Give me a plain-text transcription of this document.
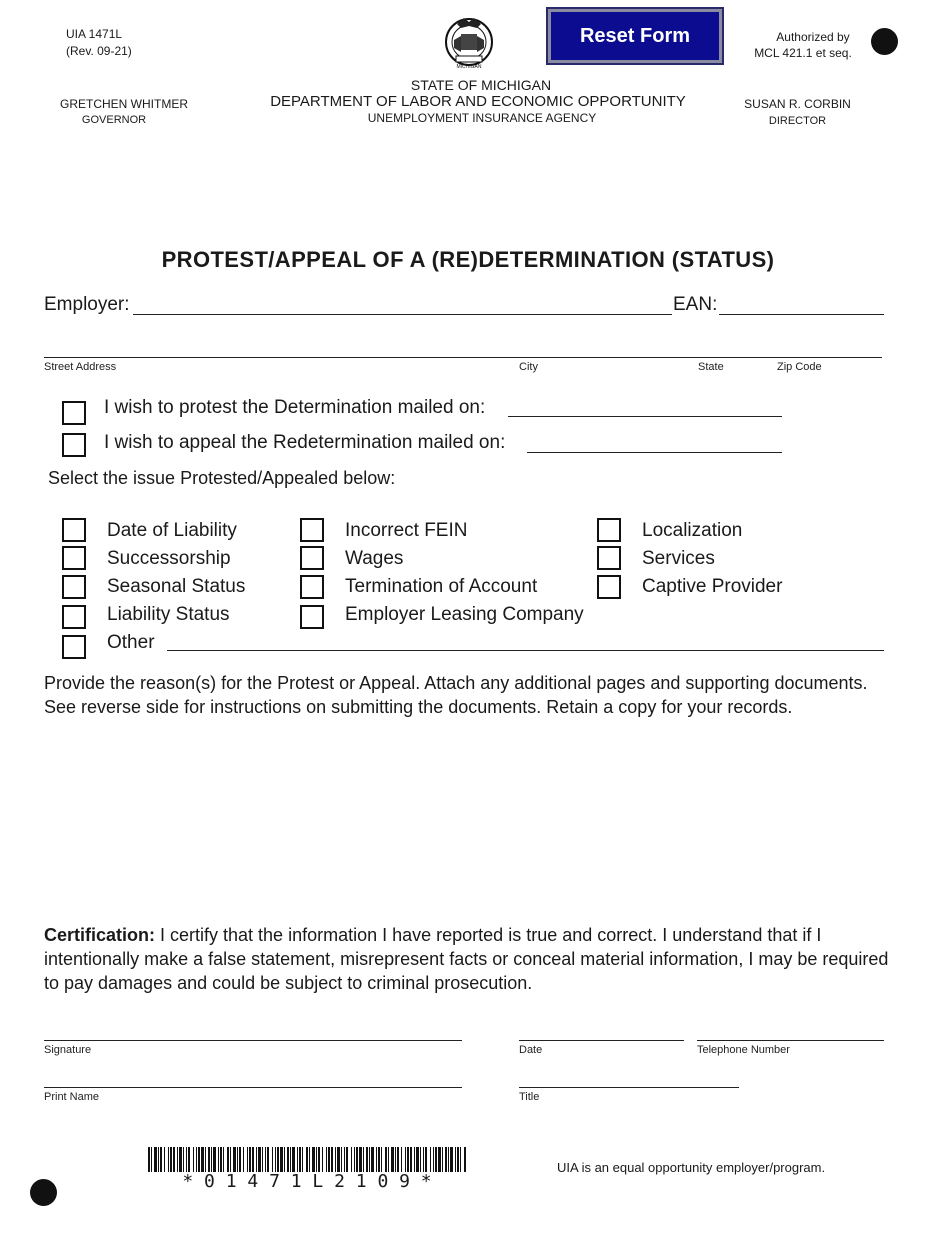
UIA 1471L
(Rev. 09-21)
MICHIGAN
Reset Form	Authorized by
MCL 421.1 et seq.
STATE OF MICHIGAN
DEPARTMENT OF LABOR AND ECONOMIC OPPORTUNITY
UNEMPLOYMENT INSURANCE AGENCY
GRETCHEN WHITMER
GOVERNOR
SUSAN R. CORBIN
DIRECTOR
PROTEST/APPEAL OF A (RE)DETERMINATION (STATUS)
Employer:	EAN:
Street Address	City	State	Zip Code
I wish to protest the Determination mailed on:
I wish to appeal the Redetermination mailed on:
Select the issue Protested/Appealed below:
Date of Liability
Successorship
Seasonal Status
Liability Status
Other
Incorrect FEIN
Wages
Termination of Account
Employer Leasing Company
Localization
Services
Captive Provider
Provide the reason(s) for the Protest or Appeal. Attach any additional pages and supporting documents. See reverse side for instructions on submitting the documents. Retain a copy for your records.
Certification: I certify that the information I have reported is true and correct. I understand that if I intentionally make a false statement, misrepresent facts or conceal material information, I may be required to pay damages and could be subject to criminal prosecution.
Signature	Date	Telephone Number
Print Name	Title
* 0 1 4 7 1 L 2 1 0 9 *
UIA is an equal opportunity employer/program.
